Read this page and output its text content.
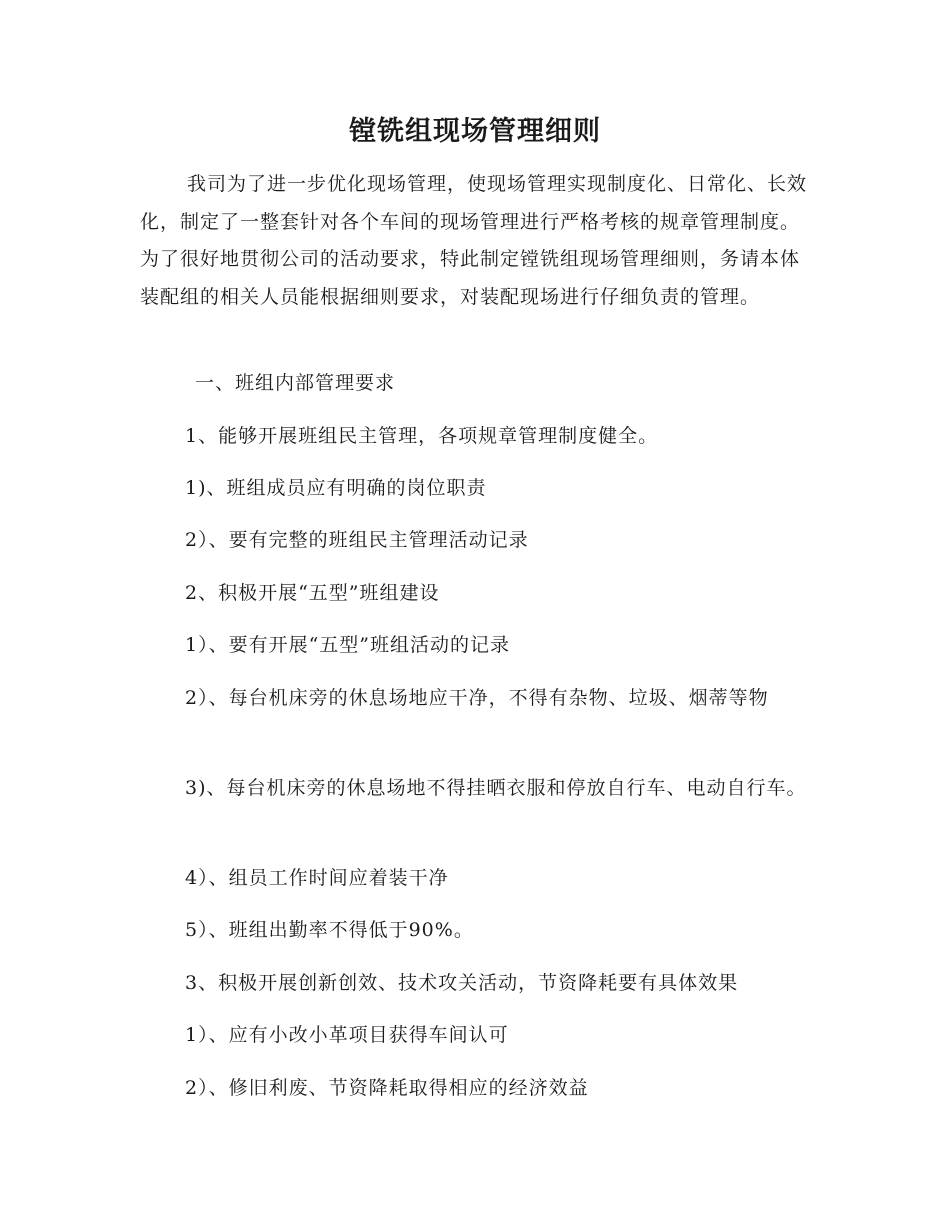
镗铣组现场管理细则
我司为了进一步优化现场管理，使现场管理实现制度化、日常化、长效化，制定了一整套针对各个车间的现场管理进行严格考核的规章管理制度。为了很好地贯彻公司的活动要求，特此制定镗铣组现场管理细则，务请本体装配组的相关人员能根据细则要求，对装配现场进行仔细负责的管理。
一、班组内部管理要求
1、能够开展班组民主管理，各项规章管理制度健全。
1)、班组成员应有明确的岗位职责
2）、要有完整的班组民主管理活动记录
2、积极开展“五型”班组建设
1）、要有开展“五型”班组活动的记录
2）、每台机床旁的休息场地应干净，不得有杂物、垃圾、烟蒂等物
3)、每台机床旁的休息场地不得挂晒衣服和停放自行车、电动自行车。
4）、组员工作时间应着装干净
5）、班组出勤率不得低于90%。
3、积极开展创新创效、技术攻关活动，节资降耗要有具体效果
1）、应有小改小革项目获得车间认可
2）、修旧利废、节资降耗取得相应的经济效益
